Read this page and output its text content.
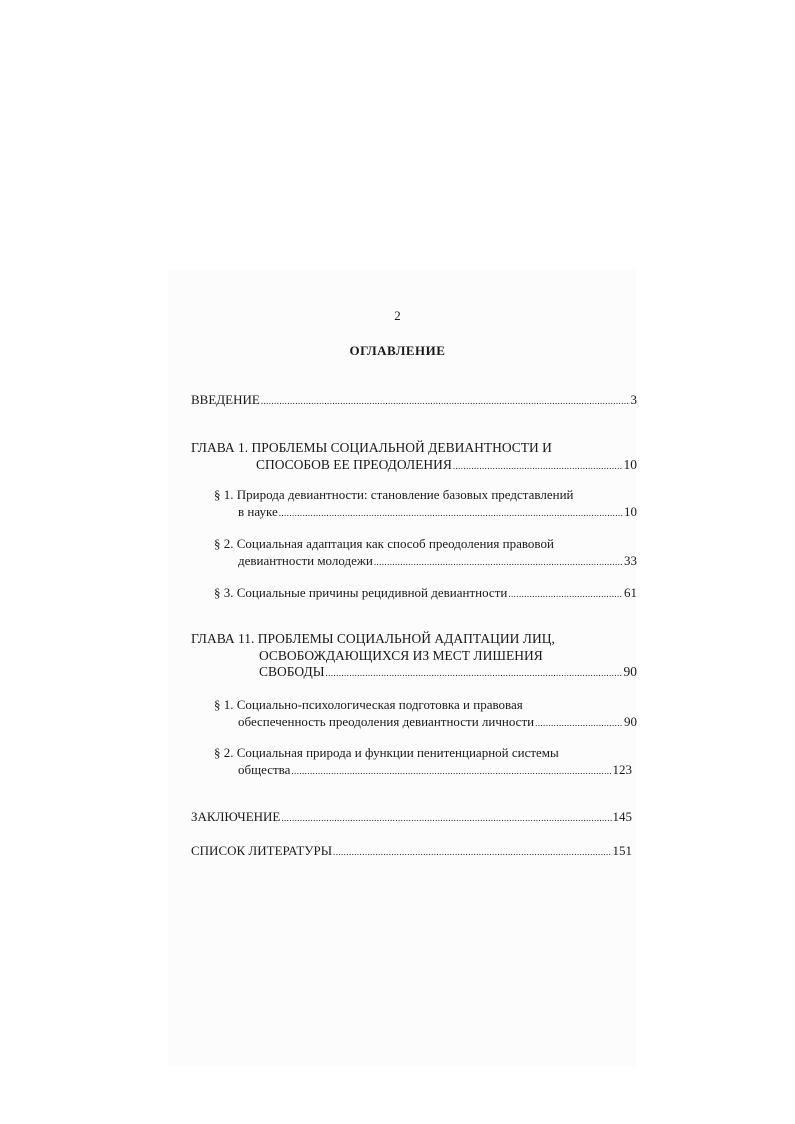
2
ОГЛАВЛЕНИЕ
ВВЕДЕНИЕ .....	3
ГЛАВА 1. ПРОБЛЕМЫ СОЦИАЛЬНОЙ ДЕВИАНТНОСТИ И
СПОСОБОВ ЕЕ ПРЕОДОЛЕНИЯ .....	10
§ 1. Природа девиантности: становление базовых представлений
в науке .....	10
§ 2. Социальная адаптация как способ преодоления правовой
девиантности молодежи .....	33
§ 3. Социальные причины рецидивной девиантности .....	61
ГЛАВА 11. ПРОБЛЕМЫ СОЦИАЛЬНОЙ АДАПТАЦИИ ЛИЦ,
ОСВОБОЖДАЮЩИХСЯ ИЗ МЕСТ ЛИШЕНИЯ
СВОБОДЫ .....	90
§ 1. Социально-психологическая подготовка и правовая
обеспеченность преодоления девиантности личности .....	90
§ 2. Социальная природа и функции пенитенциарной системы
общества .....	123
ЗАКЛЮЧЕНИЕ .....	145
СПИСОК ЛИТЕРАТУРЫ .....	151
